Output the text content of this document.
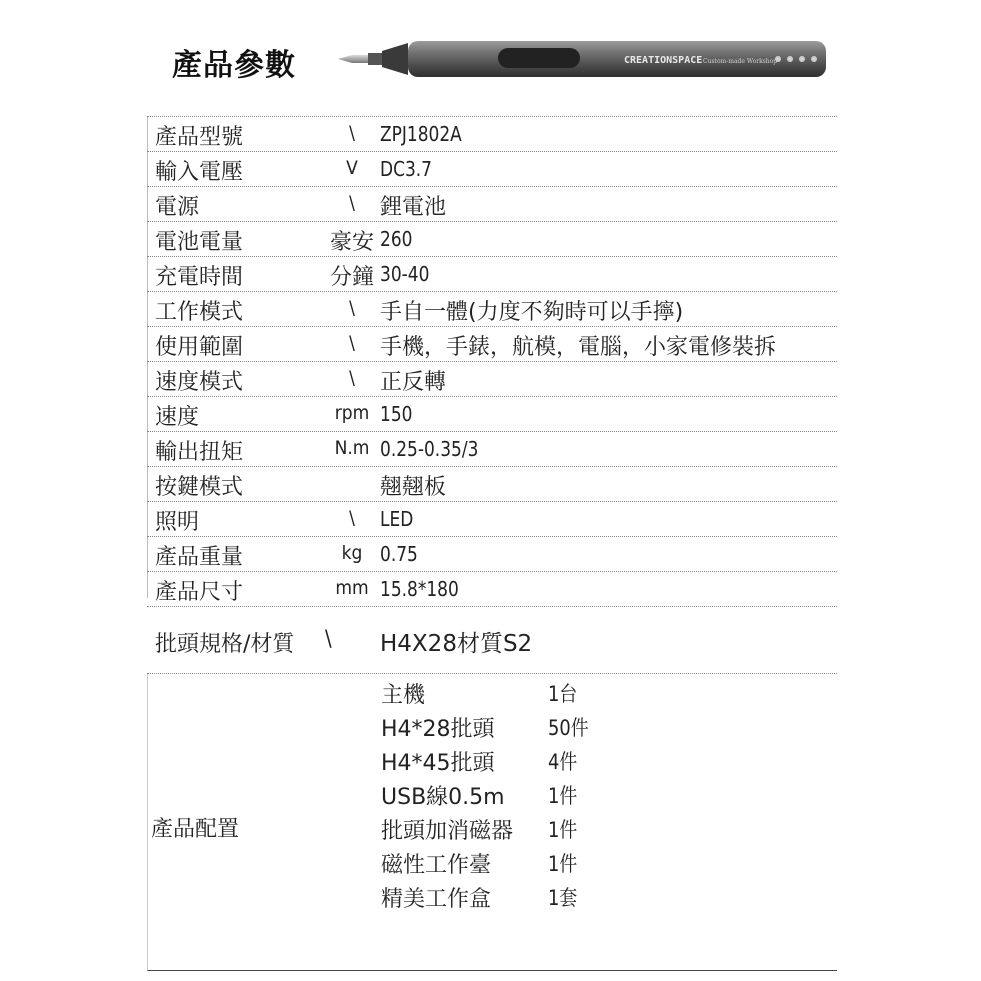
產品參數	CREATIONSPACE Custom-made Workshop
產品型號	\	ZPJ1802A
輸入電壓	V	DC3.7
電源	\	鋰電池
電池電量	豪安 260
充電時間	分鐘 30-40
工作模式	\	手自一體(力度不夠時可以手擰)
使用範圍	\	手機，手錶，航模，電腦，小家電修裝拆
速度模式	\	正反轉
速度	rpm 150
輸出扭矩	N.m 0.25-0.35/3
按鍵模式	翹翹板
照明	\	LED
產品重量	kg 0.75
產品尺寸	mm 15.8*180
批頭規格/材質 \ H4X28材質S2
產品配置
主機	1台
H4*28批頭	50件
H4*45批頭	4件
USB線0.5m 1件
批頭加消磁器 1件
磁性工作臺	1件
精美工作盒	1套
